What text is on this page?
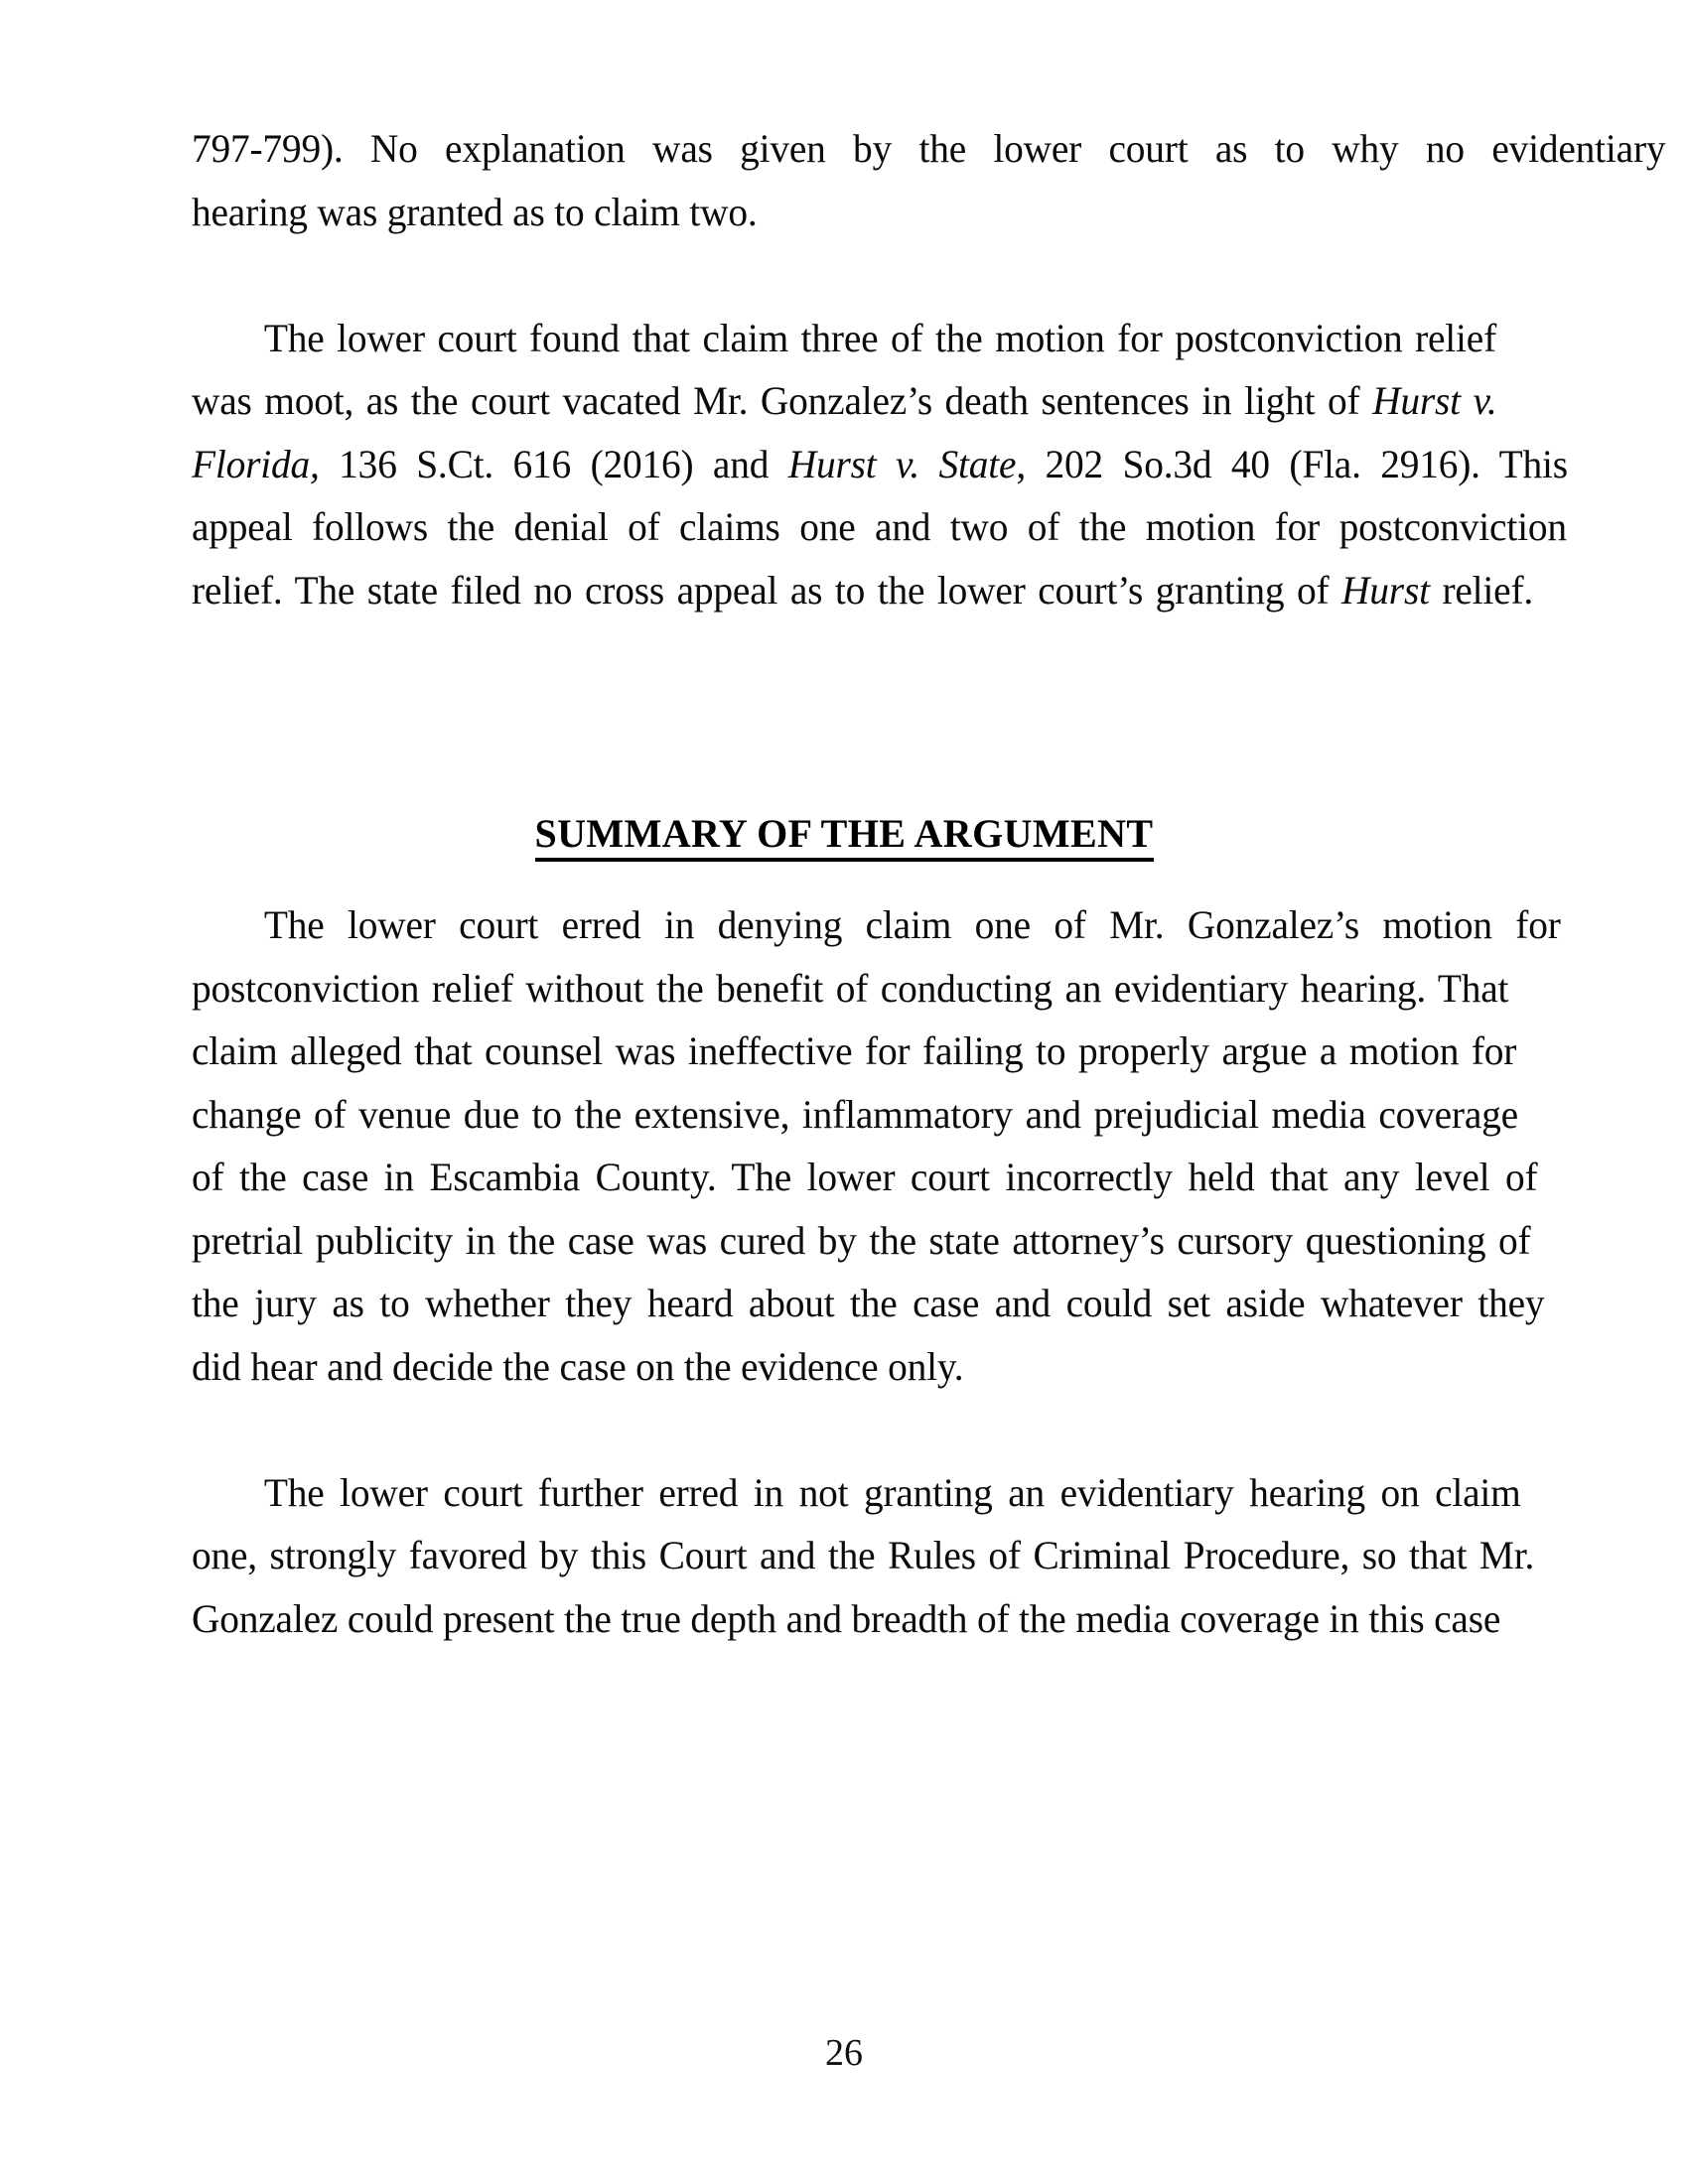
797-799). No explanation was given by the lower court as to why no evidentiary
hearing was granted as to claim two.

The lower court found that claim three of the motion for postconviction relief
was moot, as the court vacated Mr. Gonzalez’s death sentences in light of Hurst v.
Florida, 136 S.Ct. 616 (2016) and Hurst v. State, 202 So.3d 40 (Fla. 2916). This
appeal follows the denial of claims one and two of the motion for postconviction
relief. The state filed no cross appeal as to the lower court’s granting of Hurst relief.
SUMMARY OF THE ARGUMENT
The lower court erred in denying claim one of Mr. Gonzalez’s motion for
postconviction relief without the benefit of conducting an evidentiary hearing. That
claim alleged that counsel was ineffective for failing to properly argue a motion for
change of venue due to the extensive, inflammatory and prejudicial media coverage
of the case in Escambia County. The lower court incorrectly held that any level of
pretrial publicity in the case was cured by the state attorney’s cursory questioning of
the jury as to whether they heard about the case and could set aside whatever they
did hear and decide the case on the evidence only.

The lower court further erred in not granting an evidentiary hearing on claim
one, strongly favored by this Court and the Rules of Criminal Procedure, so that Mr.
Gonzalez could present the true depth and breadth of the media coverage in this case
26
